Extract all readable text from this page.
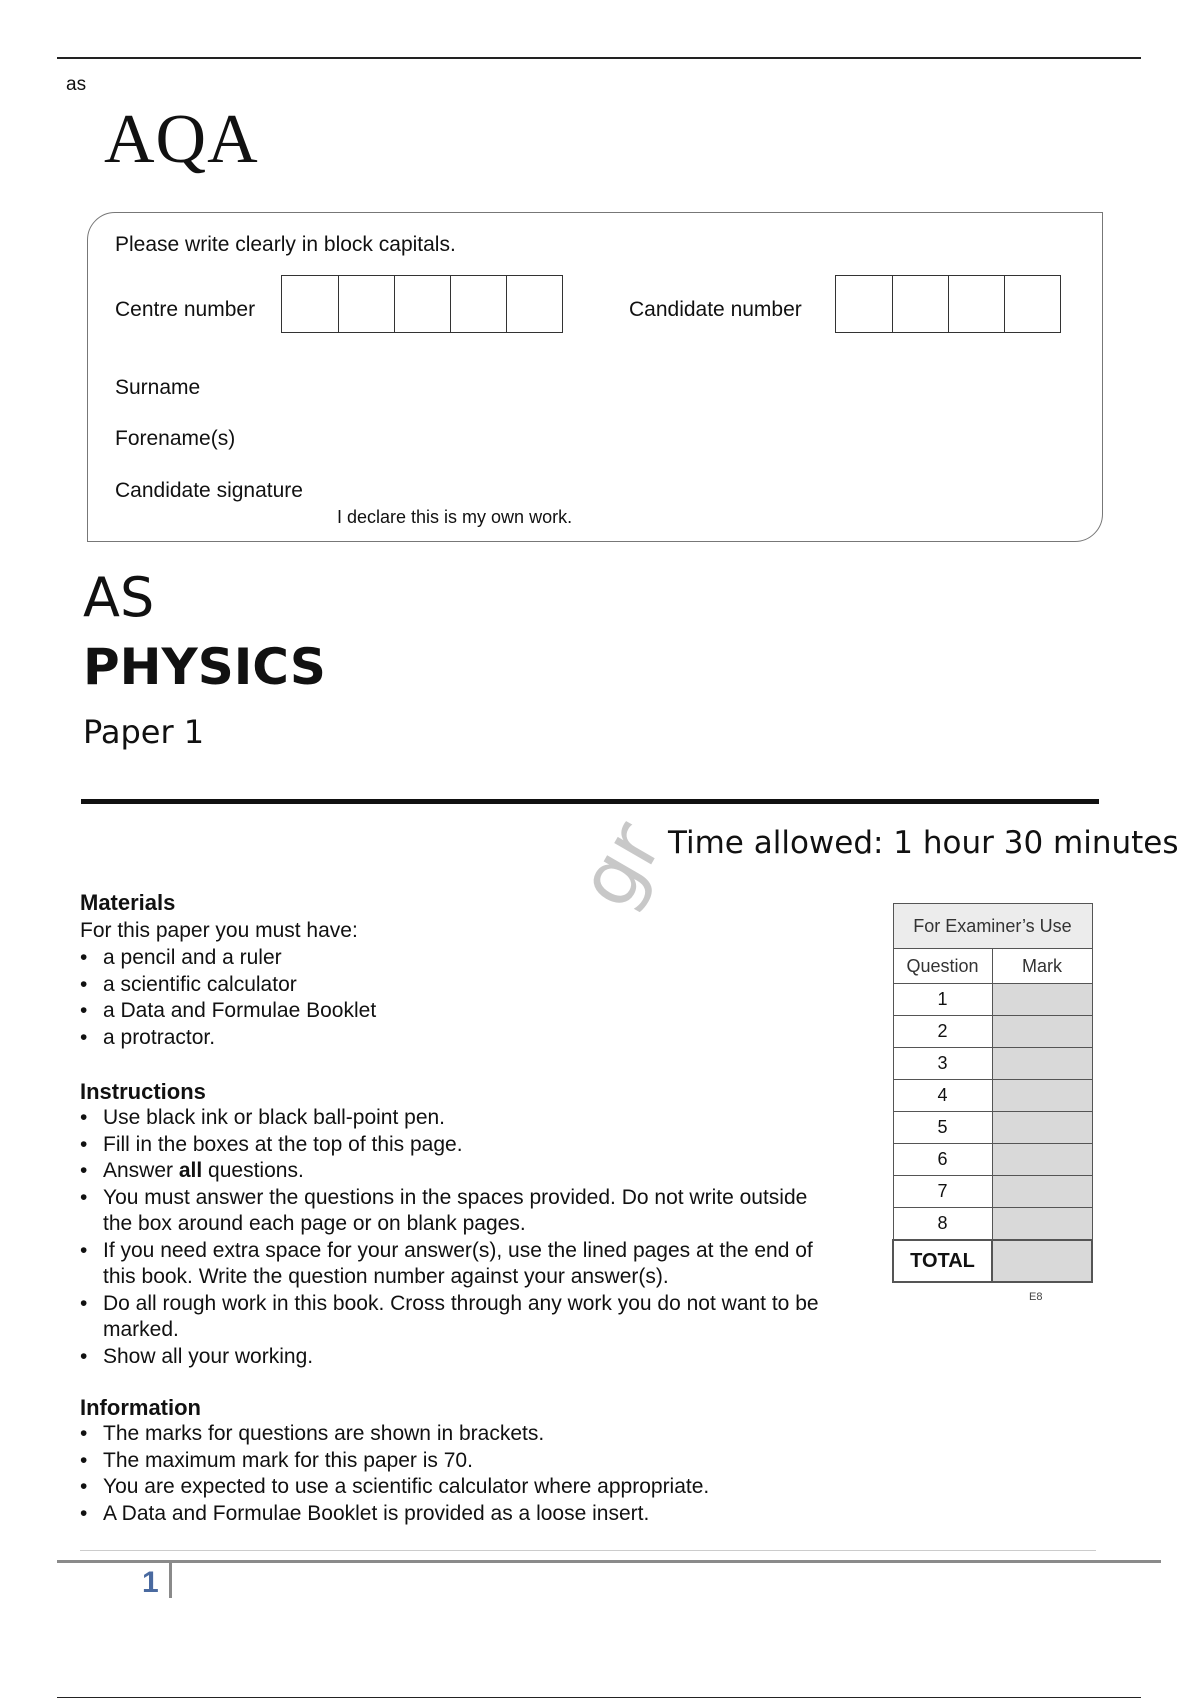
as
AQA
Please write clearly in block capitals.
Centre number	Candidate number
Surname
Forename(s)
Candidate signature
I declare this is my own work.
AS
PHYSICS
Paper 1
gr
Time allowed: 1 hour 30 minutes
Materials
For this paper you must have:
• a pencil and a ruler
• a scientific calculator
• a Data and Formulae Booklet
• a protractor.
Instructions
• Use black ink or black ball-point pen.
• Fill in the boxes at the top of this page.
• Answer all questions.
• You must answer the questions in the spaces provided. Do not write outside the box around each page or on blank pages.
• If you need extra space for your answer(s), use the lined pages at the end of this book. Write the question number against your answer(s).
• Do all rough work in this book. Cross through any work you do not want to be marked.
• Show all your working.
Information
• The marks for questions are shown in brackets.
• The maximum mark for this paper is 70.
• You are expected to use a scientific calculator where appropriate.
• A Data and Formulae Booklet is provided as a loose insert.
For Examiner’s Use	
Question	Mark
1	
2	
3	
4	
5	
6	
7	
8	
TOTAL	
E8
1
